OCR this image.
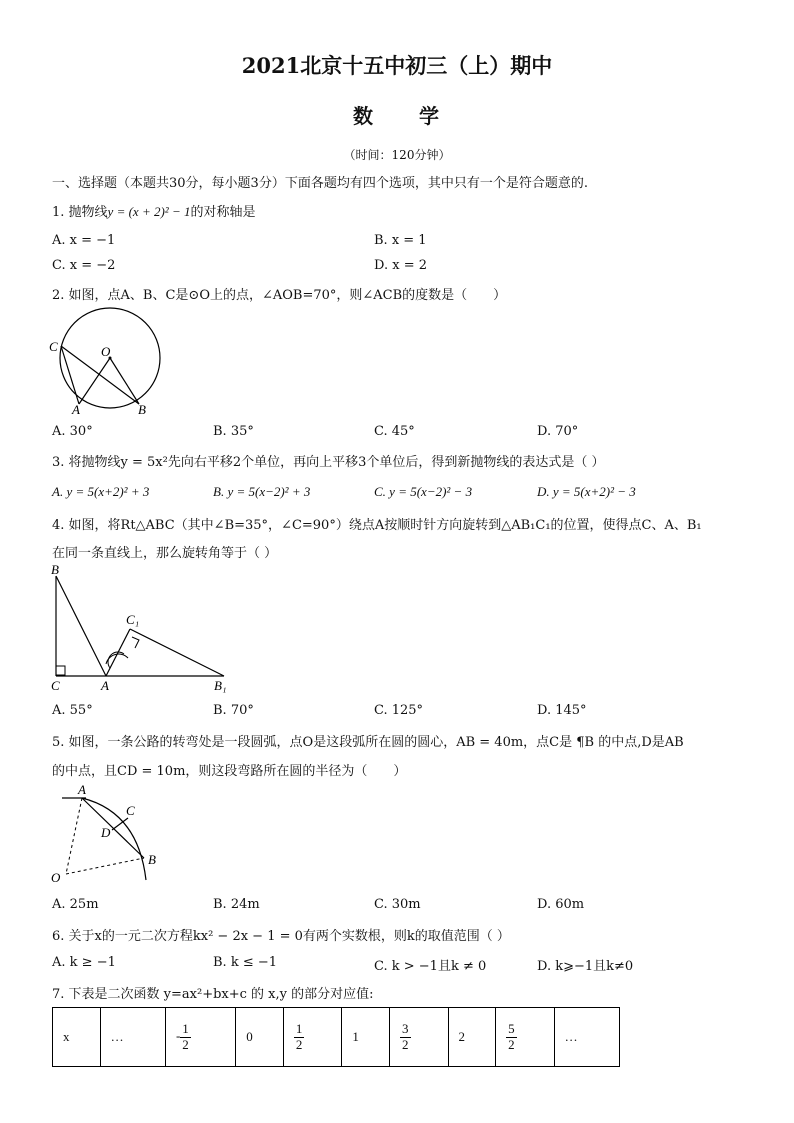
2021北京十五中初三（上）期中
数　　学
（时间：120分钟）
一、选择题（本题共30分，每小题3分）下面各题均有四个选项，其中只有一个是符合题意的.
1. 抛物线y = (x + 2)² − 1的对称轴是
A. x = −1	B. x = 1
C. x = −2	D. x = 2
2. 如图，点A、B、C是⊙O上的点，∠AOB=70°，则∠ACB的度数是（　　）
C	O
A	B
A. 30°	B. 35°	C. 45°	D. 70°
3. 将抛物线y = 5x²先向右平移2个单位，再向上平移3个单位后，得到新抛物线的表达式是（ ）
A. y = 5(x+2)² + 3	B. y = 5(x−2)² + 3	C. y = 5(x−2)² − 3	D. y = 5(x+2)² − 3
4. 如图，将Rt△ABC（其中∠B=35°，∠C=90°）绕点A按顺时针方向旋转到△AB₁C₁的位置，使得点C、A、B₁
在同一条直线上，那么旋转角等于（ ）
B
C₁
C	A	B₁
A. 55°	B. 70°	C. 125°	D. 145°
5. 如图，一条公路的转弯处是一段圆弧，点O是这段弧所在圆的圆心，AB = 40m，点C是 ¶B 的中点,D是AB
的中点，且CD = 10m，则这段弯路所在圆的半径为（　　）
A
C
D
B
O
A. 25m	B. 24m	C. 30m	D. 60m
6. 关于x的一元二次方程kx² − 2x − 1 = 0有两个实数根，则k的取值范围（ ）
A. k ≥ −1	B. k ≤ −1	C. k > −1且k ≠ 0	D. k⩾−1且k≠0
7. 下表是二次函数 y=ax²+bx+c 的 x,y 的部分对应值:
x	…	- $\frac{1}{2}$	0	$\frac{1}{2}$	1	$\frac{3}{2}$	2	$\frac{5}{2}$	…
